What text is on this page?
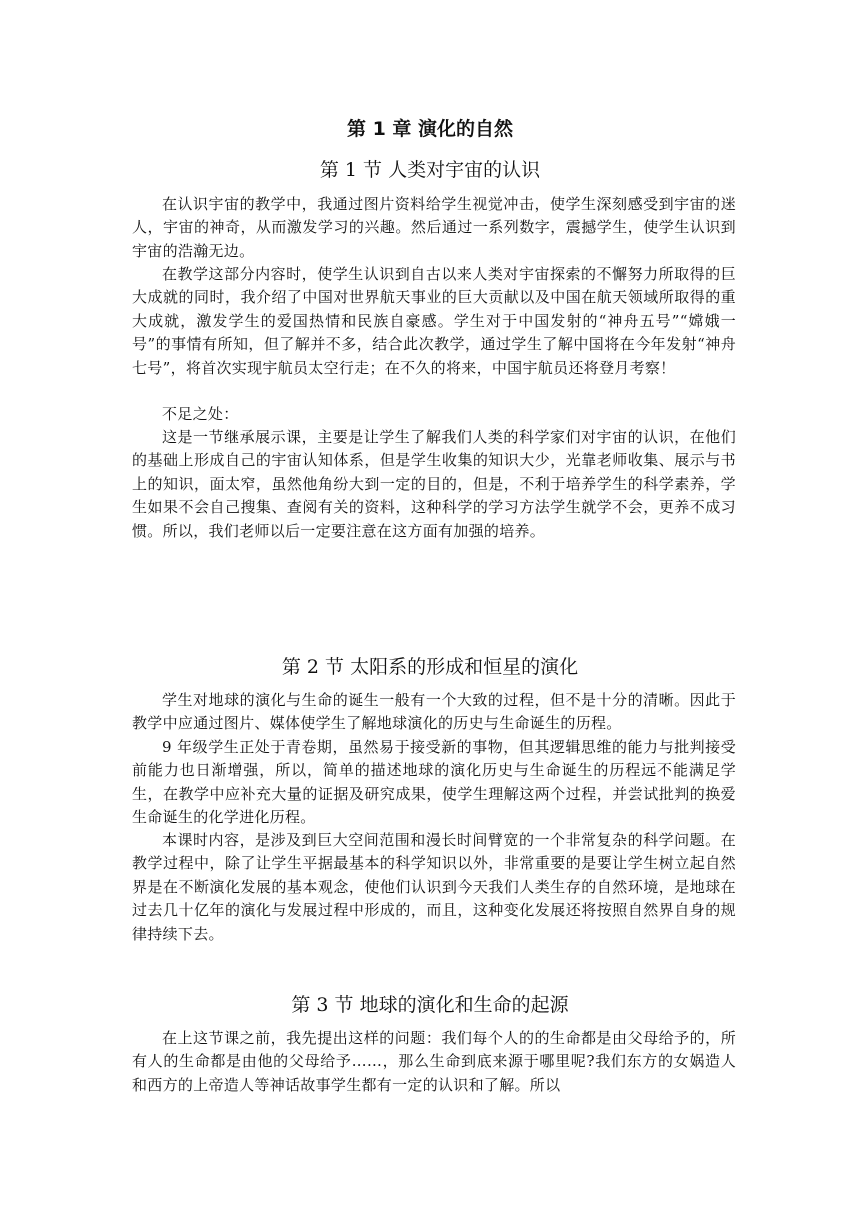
第 1 章 演化的自然
第 1 节 人类对宇宙的认识

在认识宇宙的教学中，我通过图片资料给学生视觉冲击，使学生深刻感受到宇宙的迷人，宇宙的神奇，从而激发学习的兴趣。然后通过一系列数字，震撼学生，使学生认识到宇宙的浩瀚无边。

在教学这部分内容时，使学生认识到自古以来人类对宇宙探索的不懈努力所取得的巨大成就的同时，我介绍了中国对世界航天事业的巨大贡献以及中国在航天领域所取得的重大成就，激发学生的爱国热情和民族自豪感。学生对于中国发射的“神舟五号”“嫦娥一号”的事情有所知，但了解并不多，结合此次教学，通过学生了解中国将在今年发射“神舟七号”，将首次实现宇航员太空行走；在不久的将来，中国宇航员还将登月考察！

不足之处：

这是一节继承展示课，主要是让学生了解我们人类的科学家们对宇宙的认识，在他们的基础上形成自己的宇宙认知体系，但是学生收集的知识大少，光靠老师收集、展示与书上的知识，面太窄，虽然他角纷大到一定的目的，但是，不利于培养学生的科学素养，学生如果不会自己搜集、查阅有关的资料，这种科学的学习方法学生就学不会，更养不成习惯。所以，我们老师以后一定要注意在这方面有加强的培养。

第 2 节 太阳系的形成和恒星的演化

学生对地球的演化与生命的诞生一般有一个大致的过程，但不是十分的清晰。因此于教学中应通过图片、媒体使学生了解地球演化的历史与生命诞生的历程。

9 年级学生正处于青卷期，虽然易于接受新的事物，但其逻辑思维的能力与批判接受前能力也日渐增强，所以，简单的描述地球的演化历史与生命诞生的历程远不能满足学生，在教学中应补充大量的证据及研究成果，使学生理解这两个过程，并尝试批判的换爱生命诞生的化学进化历程。

本课时内容，是涉及到巨大空间范围和漫长时间臂宽的一个非常复杂的科学问题。在教学过程中，除了让学生平据最基本的科学知识以外，非常重要的是要让学生树立起自然界是在不断演化发展的基本观念，使他们认识到今天我们人类生存的自然环境，是地球在过去几十亿年的演化与发展过程中形成的，而且，这种变化发展还将按照自然界自身的规律持续下去。

第 3 节 地球的演化和生命的起源

在上这节课之前，我先提出这样的问题：我们每个人的的生命都是由父母给予的，所有人的生命都是由他的父母给予……，那么生命到底来源于哪里呢?我们东方的女娲造人和西方的上帝造人等神话故事学生都有一定的认识和了解。所以
